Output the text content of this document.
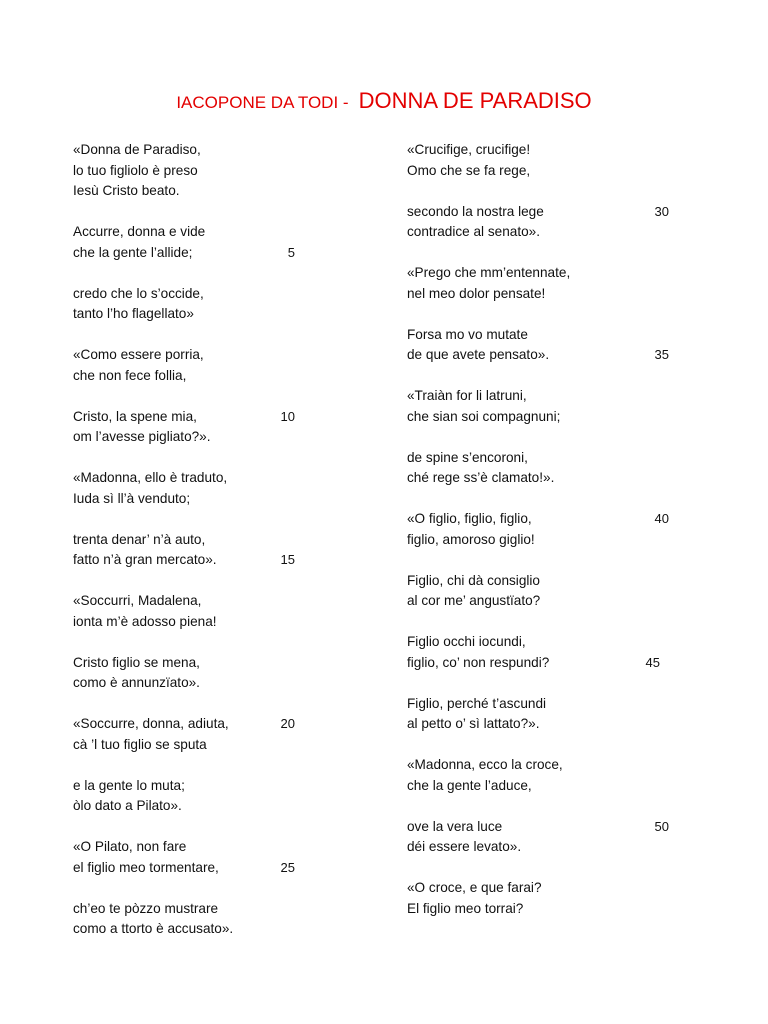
IACOPONE DA TODI - DONNA DE PARADISO
«Donna de Paradiso,
lo tuo figliolo è preso
Iesù Cristo beato.
Accurre, donna e vide
che la gente l’allide;	5
credo che lo s’occide,
tanto l’ho flagellato»
«Como essere porria,
che non fece follia,
Cristo, la spene mia,	10
om l’avesse pigliato?».
«Madonna, ello è traduto,
Iuda sì ll’à venduto;
trenta denar’ n’à auto,
fatto n’à gran mercato».	15
«Soccurri, Madalena,
ionta m’è adosso piena!
Cristo figlio se mena,
como è annunzïato».
«Soccurre, donna, adiuta,	20
cà ’l tuo figlio se sputa
e la gente lo muta;
òlo dato a Pilato».
«O Pilato, non fare
el figlio meo tormentare,	25
ch’eo te pòzzo mustrare
como a ttorto è accusato».
«Crucifige, crucifige!
Omo che se fa rege,
secondo la nostra lege	30
contradice al senato».
«Prego che mm’entennate,
nel meo dolor pensate!
Forsa mo vo mutate
de que avete pensato».	35
«Traiàn for li latruni,
che sian soi compagnuni;
de spine s’encoroni,
ché rege ss’è clamato!».
«O figlio, figlio, figlio,	40
figlio, amoroso giglio!
Figlio, chi dà consiglio
al cor me’ angustïato?
Figlio occhi iocundi,
figlio, co’ non respundi?	45
Figlio, perché t’ascundi
al petto o’ sì lattato?».
«Madonna, ecco la croce,
che la gente l’aduce,
ove la vera luce	50
déi essere levato».
«O croce, e que farai?
El figlio meo torrai?
